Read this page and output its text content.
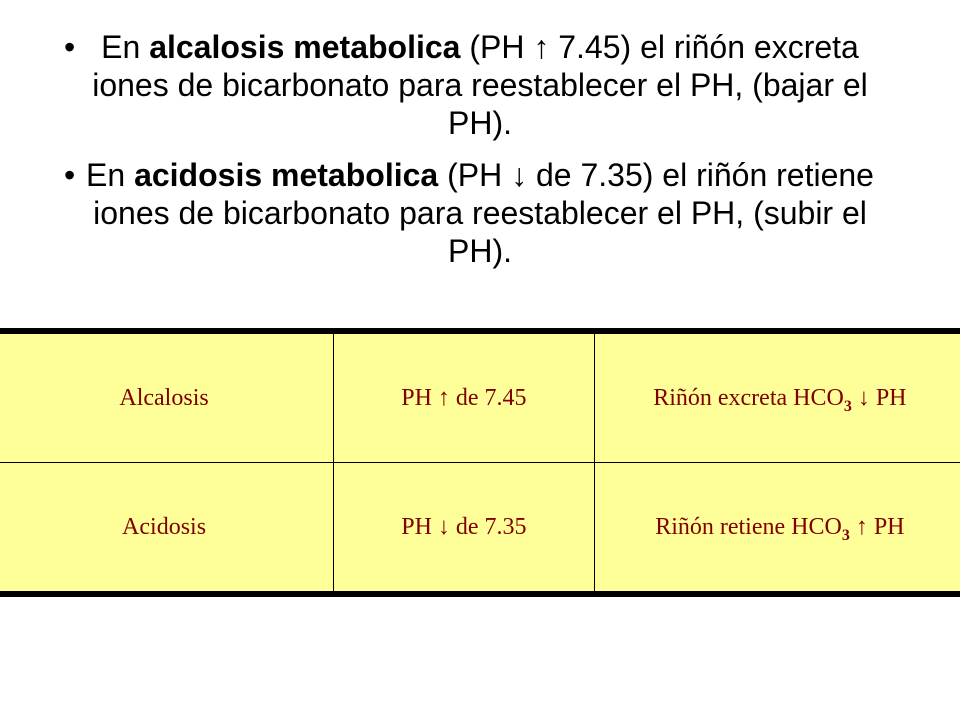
• En alcalosis metabolica (PH ↑ 7.45) el riñón excreta iones de bicarbonato para reestablecer el PH, (bajar el PH).
• En acidosis metabolica (PH ↓ de 7.35) el riñón retiene iones de bicarbonato para reestablecer el PH, (subir el PH).
Alcalosis	PH ↑ de 7.45	Riñón excreta $HCO_3$ ↓ PH
Acidosis	PH ↓ de 7.35	Riñón retiene $HCO_3$ ↑ PH
